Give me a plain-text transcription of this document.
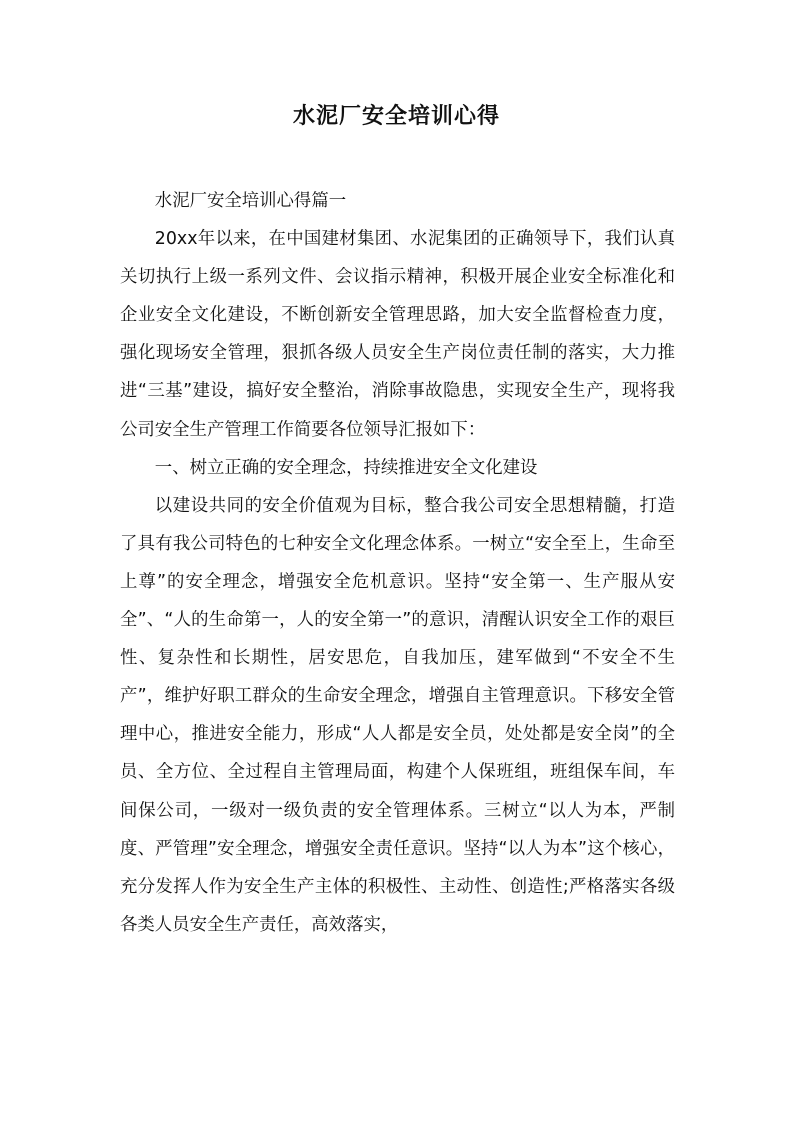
水泥厂安全培训心得

水泥厂安全培训心得篇一

20xx年以来，在中国建材集团、水泥集团的正确领导下，我们认真关切执行上级一系列文件、会议指示精神，积极开展企业安全标准化和企业安全文化建设，不断创新安全管理思路，加大安全监督检查力度，强化现场安全管理，狠抓各级人员安全生产岗位责任制的落实，大力推进“三基”建设，搞好安全整治，消除事故隐患，实现安全生产，现将我公司安全生产管理工作简要各位领导汇报如下：

一、树立正确的安全理念，持续推进安全文化建设

以建设共同的安全价值观为目标，整合我公司安全思想精髓，打造了具有我公司特色的七种安全文化理念体系。一树立“安全至上，生命至上尊”的安全理念，增强安全危机意识。坚持“安全第一、生产服从安全”、“人的生命第一，人的安全第一”的意识，清醒认识安全工作的艰巨性、复杂性和长期性，居安思危，自我加压，建军做到“不安全不生产”，维护好职工群众的生命安全理念，增强自主管理意识。下移安全管理中心，推进安全能力，形成“人人都是安全员，处处都是安全岗”的全员、全方位、全过程自主管理局面，构建个人保班组，班组保车间，车间保公司，一级对一级负责的安全管理体系。三树立“以人为本，严制度、严管理”安全理念，增强安全责任意识。坚持“以人为本”这个核心，充分发挥人作为安全生产主体的积极性、主动性、创造性;严格落实各级各类人员安全生产责任，高效落实，
